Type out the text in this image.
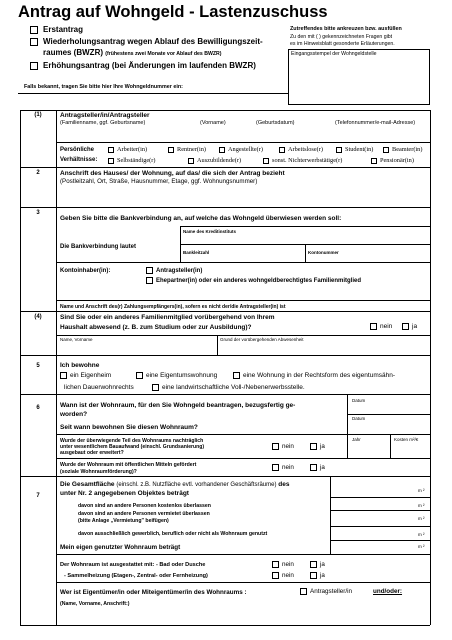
Antrag auf Wohngeld - Lastenzuschuss
Erstantrag
Wiederholungsantrag wegen Ablauf des Bewilligungszeit-
raumes (BWZR) (frühestens zwei Monate vor Ablauf des BWZR)
Erhöhungsantrag (bei Änderungen im laufenden BWZR)
Zutreffendes bitte ankreuzen bzw. ausfüllen
Zu den mit ( ) gekennzeichneten Fragen gibt
es im Hinweisblatt gesonderte Erläuterungen.
Eingangsstempel der Wohngeldstelle
Falls bekannt, tragen Sie bitte hier Ihre Wohngeldnummer ein:
(1)	Antragsteller/in/Antragsteller
(Familienname, ggf. Geburtsname)	(Vorname)	(Geburtsdatum)	(Telefonnummer/e-mail-Adresse)
Persönliche
Verhältnisse:
Arbeiter(in)	Rentner(in)	Angestellte(r)	Arbeitslose(r)	Student(in)	Beamter(in)
Selbständige(r)	Auszubildende(r)	sonst. Nichterwerbstätige(r)	Pensionär(in)
2	Anschrift des Hauses/ der Wohnung, auf das/ die sich der Antrag bezieht
(Postleitzahl, Ort, Straße, Hausnummer, Etage, ggf. Wohnungsnummer)
3
Geben Sie bitte die Bankverbindung an, auf welche das Wohngeld überwiesen werden soll:
Name des Kreditinstituts
Die Bankverbindung lautet
Bankleitzahl	Kontonummer
Kontoinhaber(in):	Antragsteller(in)
Ehepartner(in) oder ein anderes wohngeldberechtigtes Familienmitglied
Name und Anschrift des(r) Zahlungsempfängers(in), sofern es nicht der/die Antragsteller(in) ist
(4)	Sind Sie oder ein anderes Familienmitglied vorübergehend von Ihrem
Haushalt abwesend (z. B. zum Studium oder zur Ausbildung)?	nein	ja
Name, Vorname	Grund der vorübergehenden Abwesenheit
5	Ich bewohne
ein Eigenheim	eine Eigentumswohnung	eine Wohnung in der Rechtsform des eigentumsähn-
lichen Dauerwohnrechts	eine landwirtschaftliche Voll-/Nebenerwerbsstelle.
6	Wann ist der Wohnraum, für den Sie Wohngeld beantragen, bezugsfertig ge-
worden?
Seit wann bewohnen Sie diesen Wohnraum?
Datum
Datum
Wurde der überwiegende Teil des Wohnraums nachträglich
unter wesentlichem Bauaufwand (einschl. Grundsanierung)
ausgebaut oder erweitert?
nein	ja
Jahr	Kosten m²/€
Wurde der Wohnraum mit öffentlichen Mitteln gefördert
(soziale Wohnraumförderung)?
nein	ja
7
Die Gesamtfläche (einschl. z.B. Nutzfläche evtl. vorhandener Geschäftsräume) des
unter Nr. 2 angegebenen Objektes beträgt	m ²
davon sind an andere Personen kostenlos überlassen	m ²
davon sind an andere Personen vermietet überlassen
(bitte Anlage „Vermietung" beifügen)	m ²
davon ausschließlich gewerblich, beruflich oder nicht als Wohnraum genutzt	m ²
Mein eigen genutzter Wohnraum beträgt	m ²
Der Wohnraum ist ausgestattet mit: - Bad oder Dusche
- Sammelheizung (Etagen-, Zentral- oder Fernheizung)
nein	ja
nein	ja
Wer ist Eigentümer/in oder Miteigentümer/in des Wohnraums :
(Name, Vorname, Anschrift:)
Antragsteller/in	und/oder:
